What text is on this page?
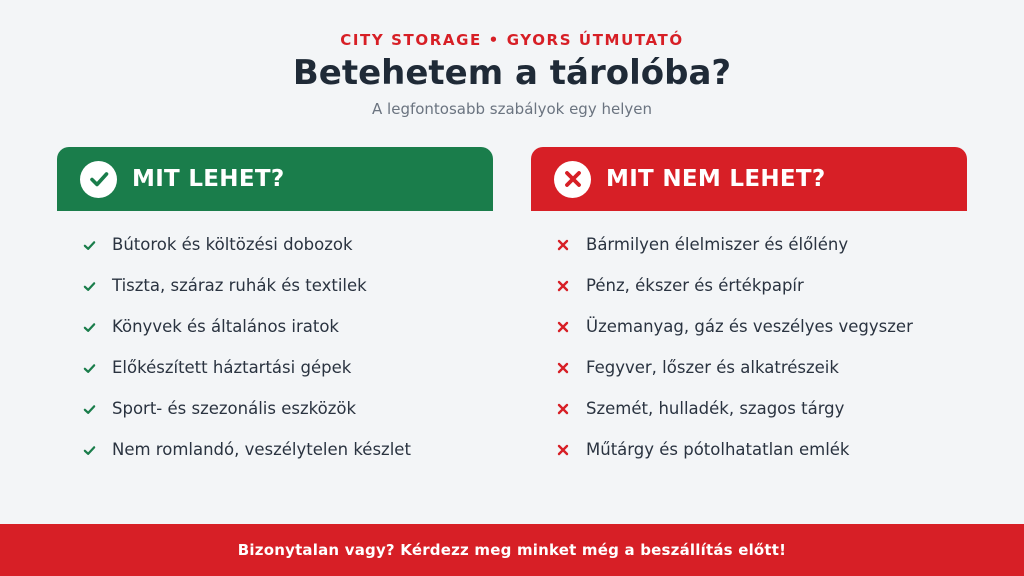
CITY STORAGE • GYORS ÚTMUTATÓ
Betehetem a tárolóba?
A legfontosabb szabályok egy helyen
MIT LEHET?
Bútorok és költözési dobozok
Tiszta, száraz ruhák és textilek
Könyvek és általános iratok
Előkészített háztartási gépek
Sport- és szezonális eszközök
Nem romlandó, veszélytelen készlet
MIT NEM LEHET?
Bármilyen élelmiszer és élőlény
Pénz, ékszer és értékpapír
Üzemanyag, gáz és veszélyes vegyszer
Fegyver, lőszer és alkatrészeik
Szemét, hulladék, szagos tárgy
Műtárgy és pótolhatatlan emlék
Bizonytalan vagy? Kérdezz meg minket még a beszállítás előtt!
